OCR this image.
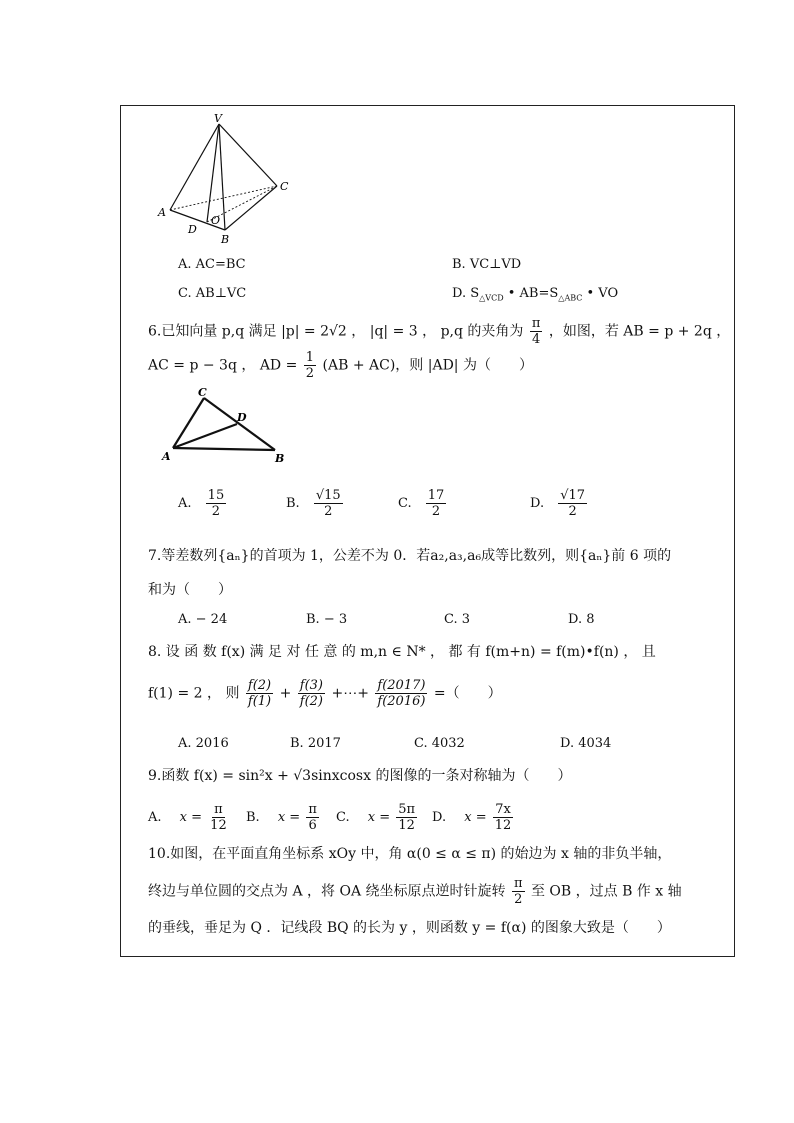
V
C
A
O
D
B
A. AC=BC	B. VC⊥VD
C. AB⊥VC	D. $S_{\triangle VCD}$ • $AB=S_{\triangle ABC}$ • VO
6.已知向量 p,q 满足 |p| = 2√2 ， |q| = 3 ， p,q 的夹角为 $\frac{\pi}{4}$ ，如图，若 AB = p + 2q ，
AC = p − 3q ， AD = $\frac{1}{2} (AB + AC)$，则 |AD| 为（　　）
C
D
A	B
A. $\frac{15}{2}$	B. $\frac{√15}{2}$	C. $\frac{17}{2}$	D. $\frac{√17}{2}$
7.等差数列{aₙ}的首项为 1，公差不为 0．若a₂,a₃,a₆成等比数列，则{aₙ}前 6 项的
和为（　　）
A. − 24	B. − 3	C. 3	D. 8
8. 设 函 数 f(x) 满 足 对 任 意 的 m,n ∈ N* ， 都 有 f(m+n) = f(m)•f(n) ， 且
f(1) = 2 ， 则 $\frac{f(2)}{f(1)} + \frac{f(3)}{f(2)}$ +⋯+ $\frac{f(2017)}{f(2016)}$ =（　　）
A. 2016	B. 2017	C. 4032	D. 4034
9.函数 f(x) = sin²x + √3sinxcosx 的图像的一条对称轴为（　　）
A. $x = \frac{\pi}{12} B$. $x = \frac{\pi}{6} C$. $x = \frac{5\pi}{12} D$. $x = \frac{7x}{12}$
10.如图，在平面直角坐标系 xOy 中，角 α(0 ≤ α ≤ π) 的始边为 x 轴的非负半轴，
终边与单位圆的交点为 A ，将 OA 绕坐标原点逆时针旋转 $\frac{\pi}{2}$ 至 OB ，过点 B 作 x 轴
的垂线，垂足为 Q ．记线段 BQ 的长为 y ，则函数 y = f(α) 的图象大致是（　　）
